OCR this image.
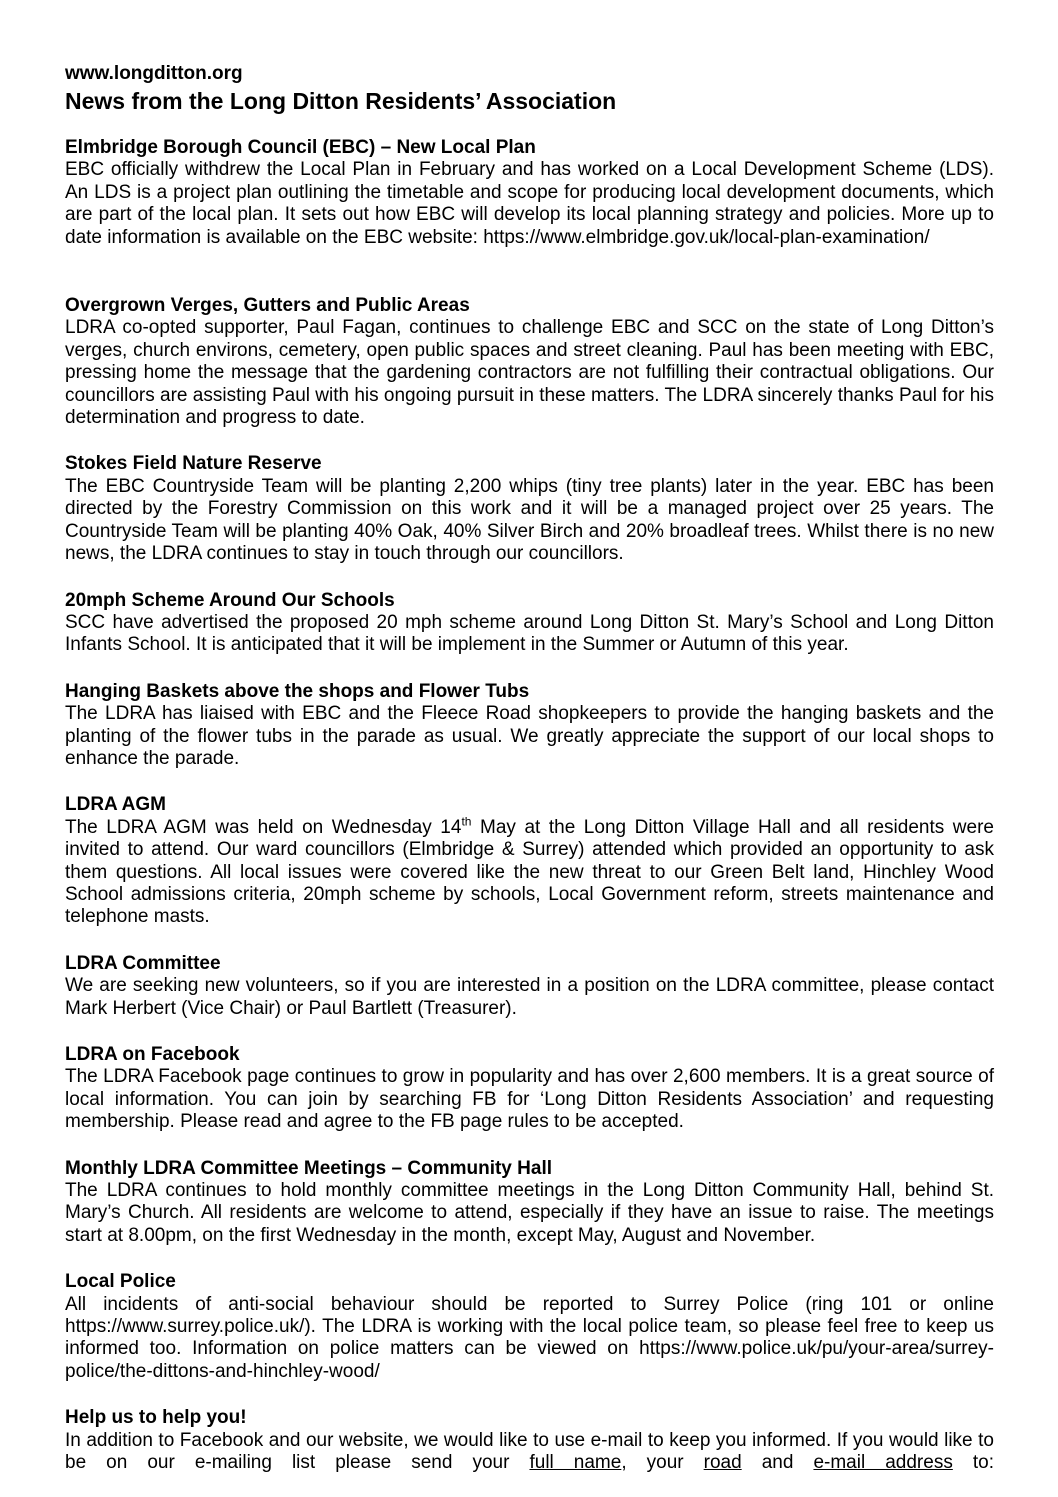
www.longditton.org
News from the Long Ditton Residents’ Association
Elmbridge Borough Council (EBC) – New Local Plan

EBC officially withdrew the Local Plan in February and has worked on a Local Development Scheme (LDS). An LDS is a project plan outlining the timetable and scope for producing local development documents, which are part of the local plan. It sets out how EBC will develop its local planning strategy and policies. More up to date information is available on the EBC website: https://www.elmbridge.gov.uk/local-plan-examination/

Overgrown Verges, Gutters and Public Areas

LDRA co-opted supporter, Paul Fagan, continues to challenge EBC and SCC on the state of Long Ditton’s verges, church environs, cemetery, open public spaces and street cleaning. Paul has been meeting with EBC, pressing home the message that the gardening contractors are not fulfilling their contractual obligations. Our councillors are assisting Paul with his ongoing pursuit in these matters. The LDRA sincerely thanks Paul for his determination and progress to date.

Stokes Field Nature Reserve

The EBC Countryside Team will be planting 2,200 whips (tiny tree plants) later in the year. EBC has been directed by the Forestry Commission on this work and it will be a managed project over 25 years. The Countryside Team will be planting 40% Oak, 40% Silver Birch and 20% broadleaf trees. Whilst there is no new news, the LDRA continues to stay in touch through our councillors.

20mph Scheme Around Our Schools

SCC have advertised the proposed 20 mph scheme around Long Ditton St. Mary’s School and Long Ditton Infants School. It is anticipated that it will be implement in the Summer or Autumn of this year.

Hanging Baskets above the shops and Flower Tubs

The LDRA has liaised with EBC and the Fleece Road shopkeepers to provide the hanging baskets and the planting of the flower tubs in the parade as usual. We greatly appreciate the support of our local shops to enhance the parade.

LDRA AGM

The LDRA AGM was held on Wednesday 14th May at the Long Ditton Village Hall and all residents were invited to attend. Our ward councillors (Elmbridge & Surrey) attended which provided an opportunity to ask them questions. All local issues were covered like the new threat to our Green Belt land, Hinchley Wood School admissions criteria, 20mph scheme by schools, Local Government reform, streets maintenance and telephone masts.

LDRA Committee

We are seeking new volunteers, so if you are interested in a position on the LDRA committee, please contact Mark Herbert (Vice Chair) or Paul Bartlett (Treasurer).

LDRA on Facebook

The LDRA Facebook page continues to grow in popularity and has over 2,600 members. It is a great source of local information. You can join by searching FB for ‘Long Ditton Residents Association’ and requesting membership. Please read and agree to the FB page rules to be accepted.

Monthly LDRA Committee Meetings – Community Hall

The LDRA continues to hold monthly committee meetings in the Long Ditton Community Hall, behind St. Mary’s Church. All residents are welcome to attend, especially if they have an issue to raise. The meetings start at 8.00pm, on the first Wednesday in the month, except May, August and November.

Local Police

All incidents of anti-social behaviour should be reported to Surrey Police (ring 101 or online https://www.surrey.police.uk/). The LDRA is working with the local police team, so please feel free to keep us informed too. Information on police matters can be viewed on https://www.police.uk/pu/your-area/surrey-police/the-dittons-and-hinchley-wood/

Help us to help you!

In addition to Facebook and our website, we would like to use e-mail to keep you informed. If you would like to be on our e-mailing list please send your full name, your road and e-mail address to:
